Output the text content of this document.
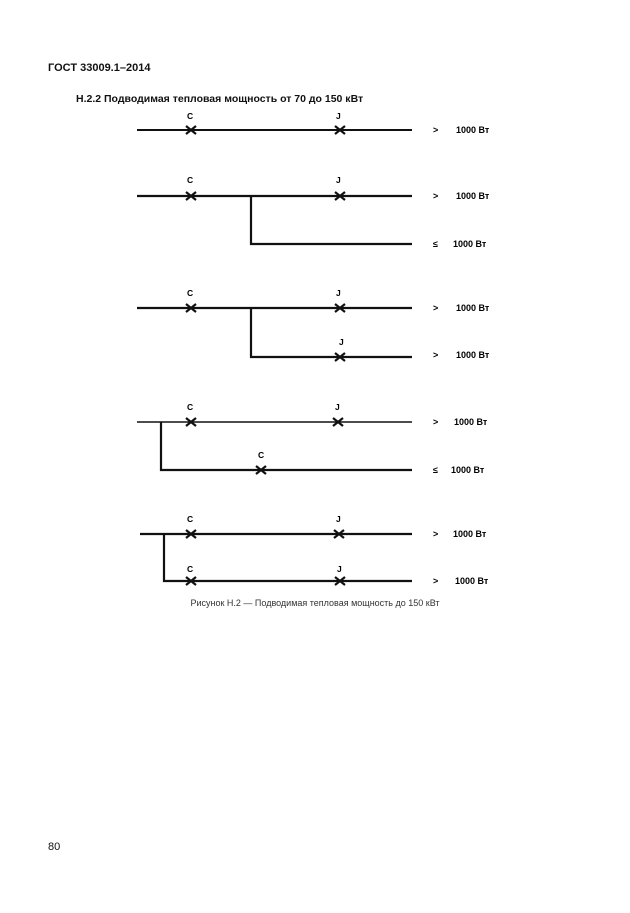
ГОСТ 33009.1–2014
Н.2.2 Подводимая тепловая мощность от 70 до 150 кВт
C	J
> 1000 Вт
C	J
> 1000 Вт
≤ 1000 Вт
C	J
J
> 1000 Вт
> 1000 Вт
C	J
C
> 1000 Вт
≤ 1000 Вт
C	J
C	J
> 1000 Вт
> 1000 Вт
Рисунок Н.2 — Подводимая тепловая мощность до 150 кВт
80
